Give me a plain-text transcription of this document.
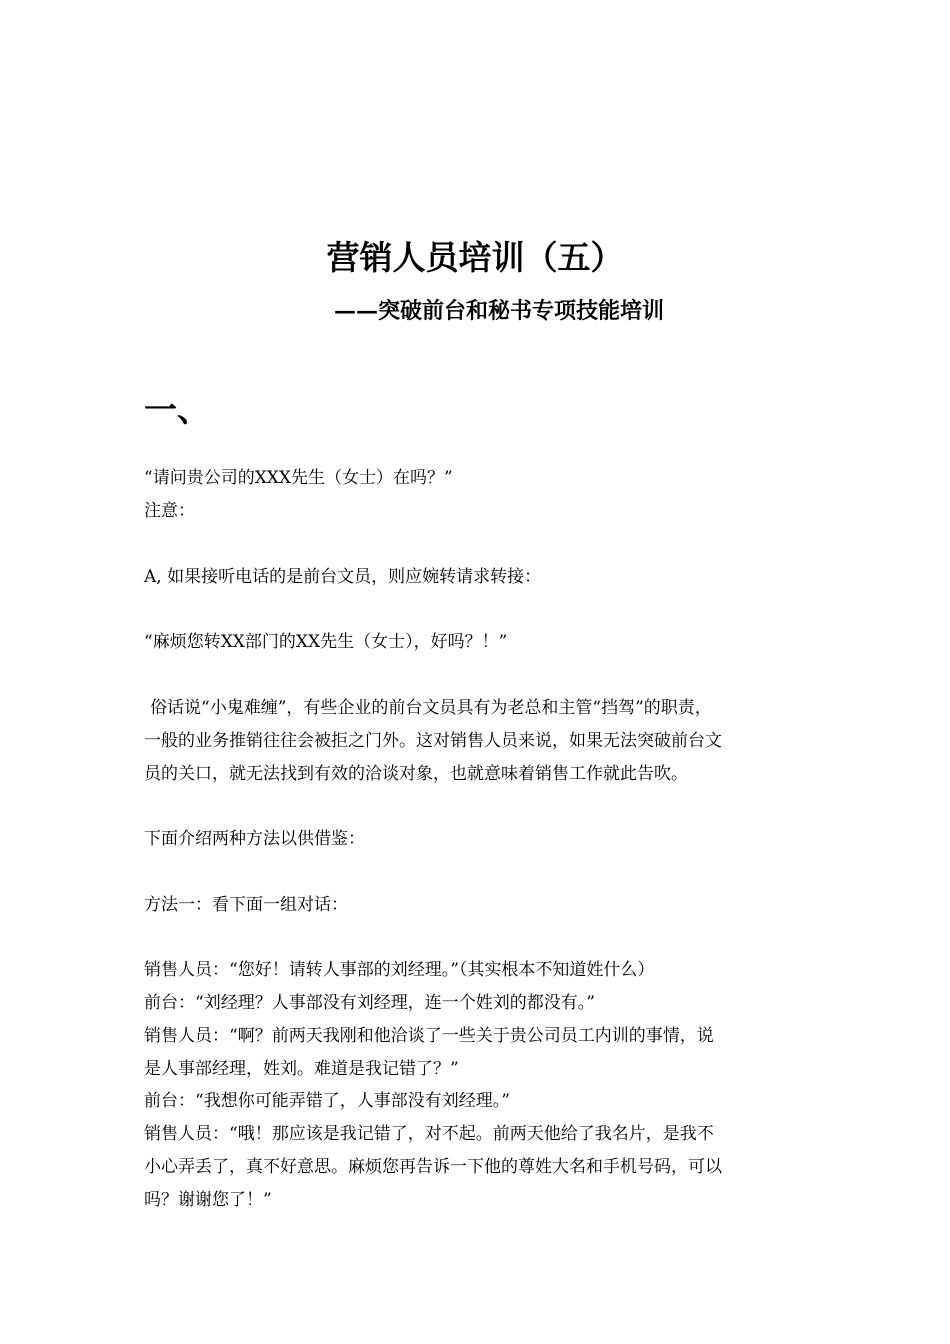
营销人员培训（五）
——突破前台和秘书专项技能培训
一、
“请问贵公司的XXX先生（女士）在吗？”
注意：
A, 如果接听电话的是前台文员，则应婉转请求转接：
“麻烦您转XX部门的XX先生（女士），好吗？！”
俗话说“小鬼难缠”，有些企业的前台文员具有为老总和主管“挡驾”的职责，
一般的业务推销往往会被拒之门外。这对销售人员来说，如果无法突破前台文
员的关口，就无法找到有效的洽谈对象，也就意味着销售工作就此告吹。
下面介绍两种方法以供借鉴：
方法一：看下面一组对话：
销售人员：“您好！请转人事部的刘经理。”（其实根本不知道姓什么）
前台：“刘经理？人事部没有刘经理，连一个姓刘的都没有。”
销售人员：“啊？前两天我刚和他洽谈了一些关于贵公司员工内训的事情，说
是人事部经理，姓刘。难道是我记错了？”
前台：“我想你可能弄错了，人事部没有刘经理。”
销售人员：“哦！那应该是我记错了，对不起。前两天他给了我名片，是我不
小心弄丢了，真不好意思。麻烦您再告诉一下他的尊姓大名和手机号码，可以
吗？谢谢您了！”
